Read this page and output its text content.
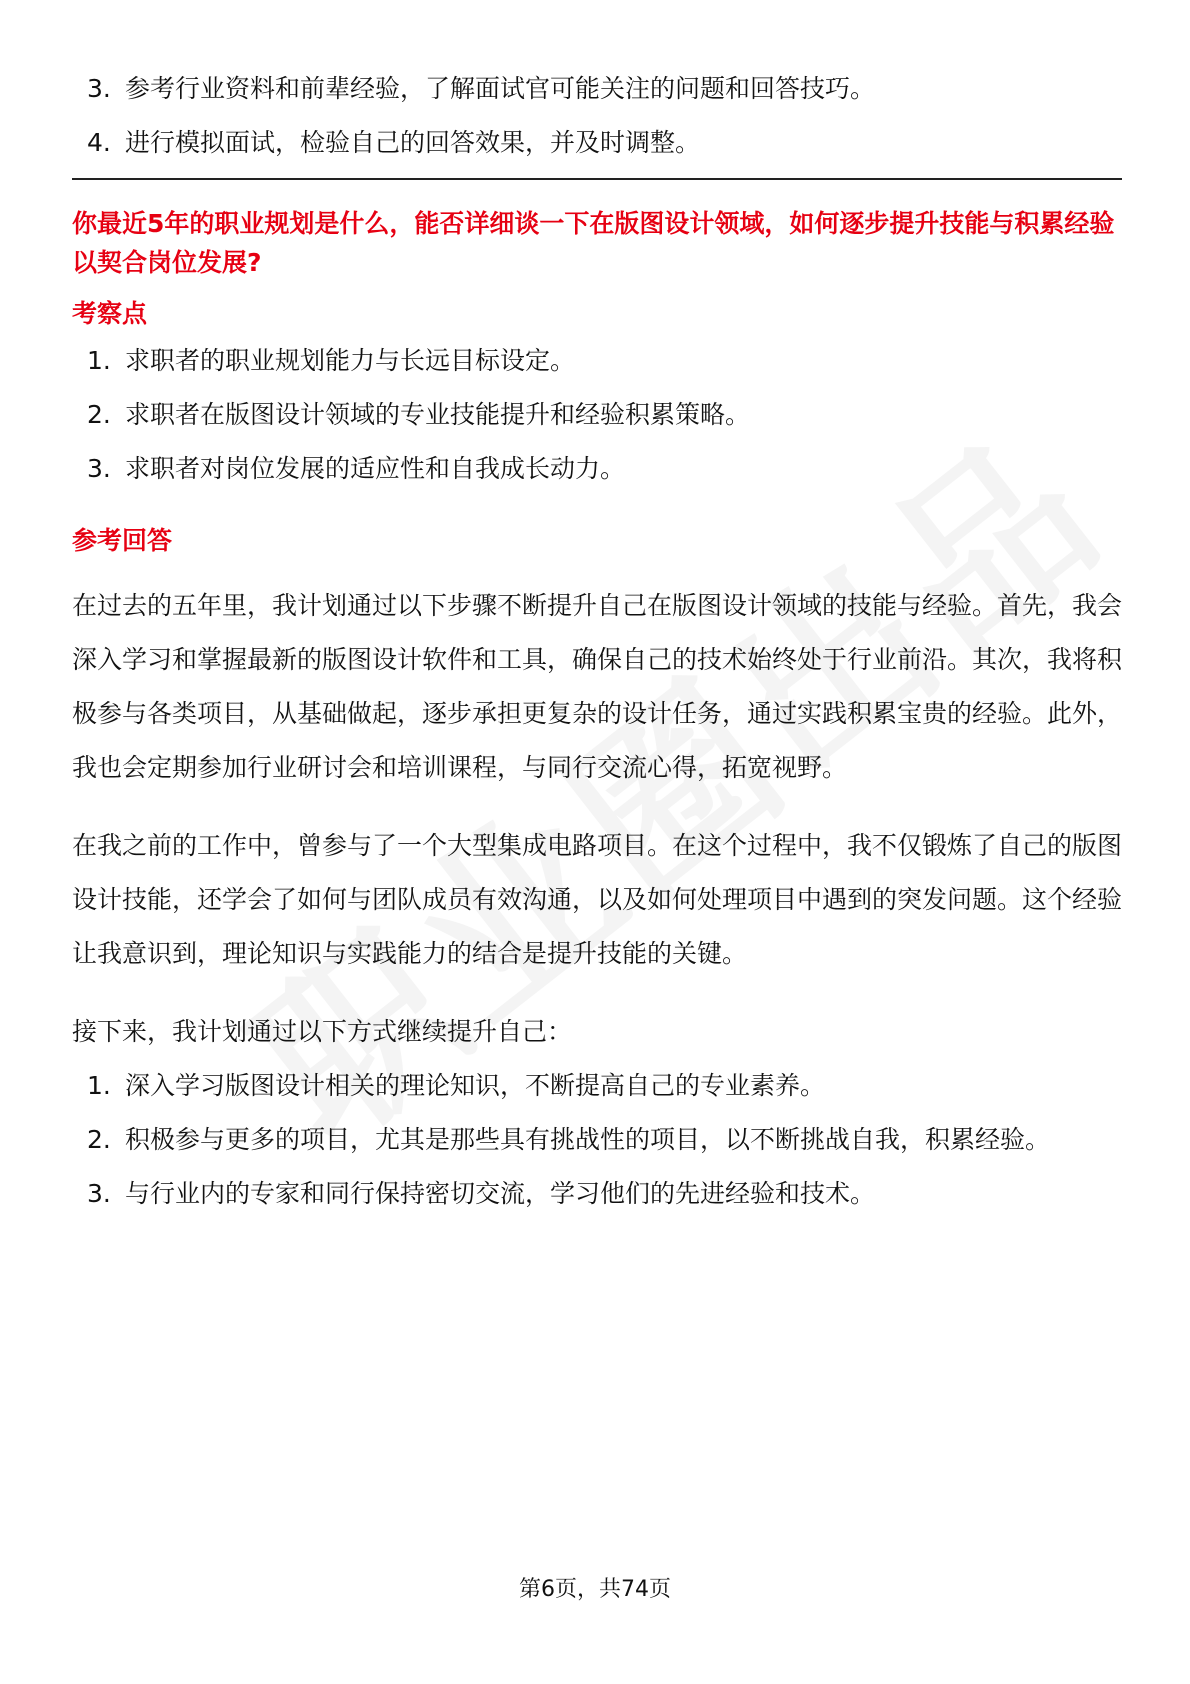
3. 参考行业资料和前辈经验，了解面试官可能关注的问题和回答技巧。
4. 进行模拟面试，检验自己的回答效果，并及时调整。
你最近5年的职业规划是什么，能否详细谈一下在版图设计领域，如何逐步提升技能与积累经验以契合岗位发展?
考察点
1. 求职者的职业规划能力与长远目标设定。
2. 求职者在版图设计领域的专业技能提升和经验积累策略。
3. 求职者对岗位发展的适应性和自我成长动力。
参考回答

在过去的五年里，我计划通过以下步骤不断提升自己在版图设计领域的技能与经验。首先，我会深入学习和掌握最新的版图设计软件和工具，确保自己的技术始终处于行业前沿。其次，我将积极参与各类项目，从基础做起，逐步承担更复杂的设计任务，通过实践积累宝贵的经验。此外，我也会定期参加行业研讨会和培训课程，与同行交流心得，拓宽视野。

在我之前的工作中，曾参与了一个大型集成电路项目。在这个过程中，我不仅锻炼了自己的版图设计技能，还学会了如何与团队成员有效沟通，以及如何处理项目中遇到的突发问题。这个经验让我意识到，理论知识与实践能力的结合是提升技能的关键。

接下来，我计划通过以下方式继续提升自己：

1. 深入学习版图设计相关的理论知识，不断提高自己的专业素养。
2. 积极参与更多的项目，尤其是那些具有挑战性的项目，以不断挑战自我，积累经验。
3. 与行业内的专家和同行保持密切交流，学习他们的先进经验和技术。
第6页，共74页
